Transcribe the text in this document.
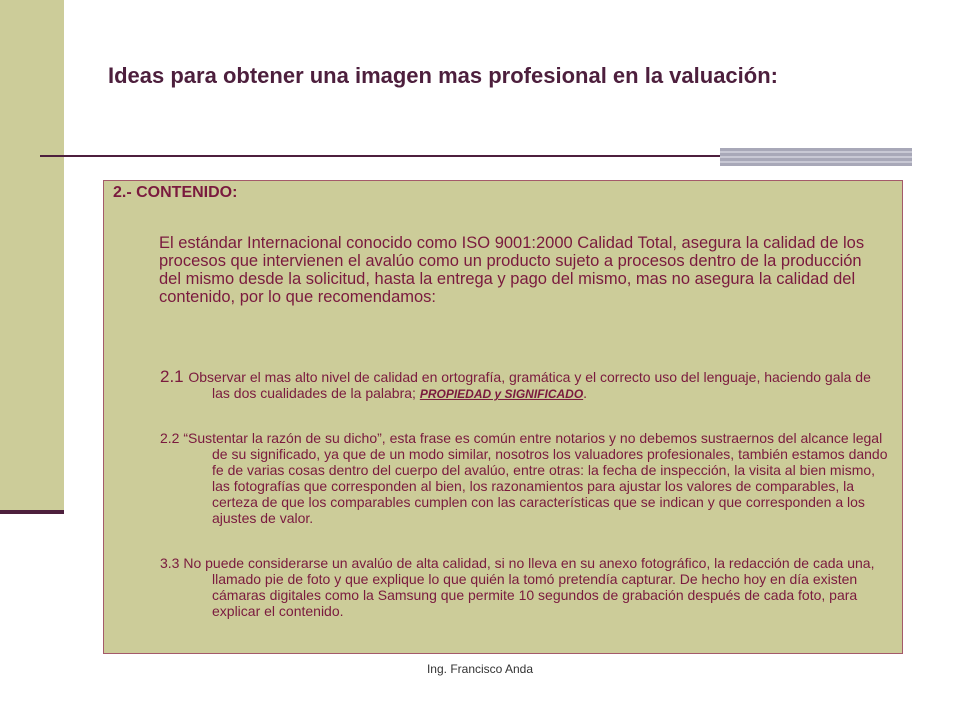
Ideas para obtener una imagen mas profesional en la valuación:

2.- CONTENIDO:

El estándar Internacional conocido como ISO 9001:2000 Calidad Total, asegura la calidad de los procesos que intervienen el avalúo como un producto sujeto a procesos dentro de la producción del mismo desde la solicitud, hasta la entrega y pago del mismo, mas no asegura la calidad del contenido, por lo que recomendamos:

2.1 Observar el mas alto nivel de calidad en ortografía, gramática y el correcto uso del lenguaje, haciendo gala de las dos cualidades de la palabra; PROPIEDAD y SIGNIFICADO.

2.2 “Sustentar la razón de su dicho”, esta frase es común entre notarios y no debemos sustraernos del alcance legal de su significado, ya que de un modo similar, nosotros los valuadores profesionales, también estamos dando fe de varias cosas dentro del cuerpo del avalúo, entre otras: la fecha de inspección, la visita al bien mismo, las fotografías que corresponden al bien, los razonamientos para ajustar los valores de comparables, la certeza de que los comparables cumplen con las características que se indican y que corresponden a los ajustes de valor.

3.3 No puede considerarse un avalúo de alta calidad, si no lleva en su anexo fotográfico, la redacción de cada una, llamado pie de foto y que explique lo que quién la tomó pretendía capturar. De hecho hoy en día existen cámaras digitales como la Samsung que permite 10 segundos de grabación después de cada foto, para explicar el contenido.

Ing. Francisco Anda
